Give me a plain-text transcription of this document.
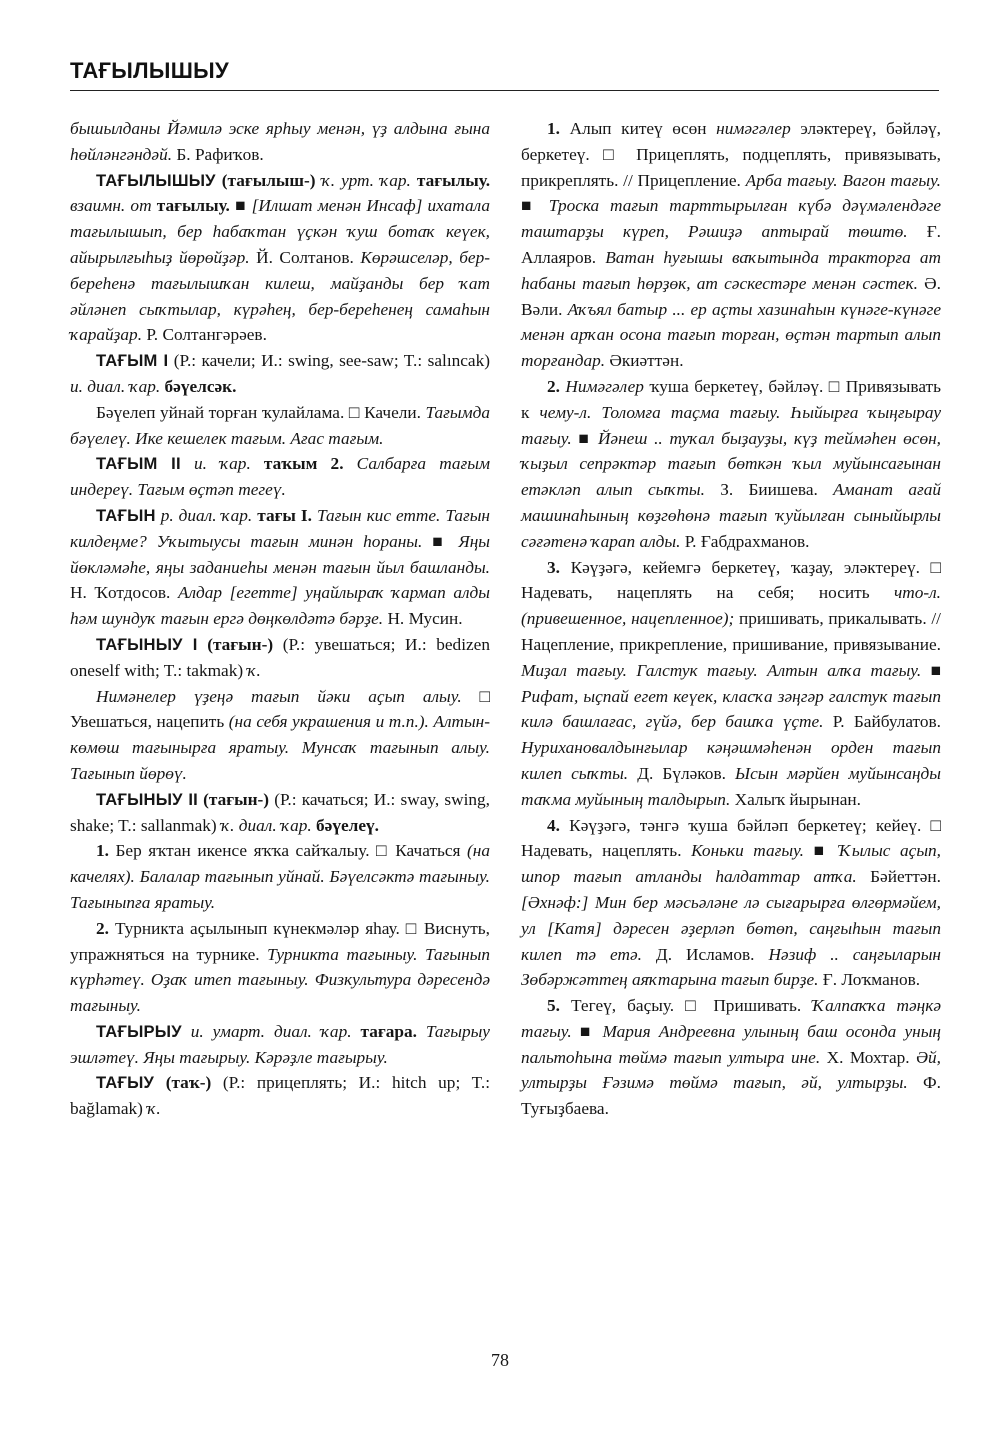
ТАҒЫЛЫШЫУ

бышылданы Йәмилә эске ярһыу менән, үҙ алдына ғына һөйләнгәндәй. Б. Рафиҡов.

ТАҒЫЛЫШЫУ (тағылыш-) ҡ. урт. ҡар. тағылыу. взаимн. от тағылыу. ■ [Илшат менән Инсаф] ихатала тағылышып, бер һабаҡтан үҫкән ҡуш ботаҡ кеүек, айырылғыһыҙ йөрөйҙәр. Й. Солтанов. Көрәшселәр, бер-береһенә тағылышҡан килеш, майҙанды бер ҡат әйләнеп сыҡтылар, күрәһең, бер-береһенең самаһын ҡарайҙар. Р. Солтангәрәев.

ТАҒЫМ I (Р.: качели; И.: swing, see-saw; T.: salıncak) и. диал. ҡар. бәүелсәк.

Бәүелеп уйнай торған ҡулайлама. □ Качели. Тағымда бәүелеү. Ике кешелек тағым. Ағас тағым.

ТАҒЫМ II и. ҡар. таҡым 2. Салбарға тағым индереү. Тағым өҫтәп тегеү.

ТАҒЫН р. диал. ҡар. тағы I. Тағын кис етте. Тағын килдеңме? Уҡытыусы тағын минән һораны. ■ Яңы йөкләмәһе, яңы заданиеһы менән тағын йыл башланды. Н. Ҡотдосов. Алдар [егетте] уңайлыраҡ ҡармап алды һәм шундуҡ тағын ергә дөңкөлдәтә бәрҙе. Н. Мусин.

ТАҒЫНЫУ I (тағын-) (Р.: увешаться; И.: bedizen oneself with; T.: takmak) ҡ.

Нимәнелер үҙеңә тағып йәки аҫып алыу. □ Увешаться, нацепить (на себя украшения и т.п.). Алтын-көмөш тағынырға яратыу. Мунсаҡ тағынып алыу. Тағынып йөрөү.

ТАҒЫНЫУ II (тағын-) (Р.: качаться; И.: sway, swing, shake; T.: sallanmak) ҡ. диал. ҡар. бәүелеү.

1. Бер яҡтан икенсе яҡҡа сайҡалыу. □ Качаться (на качелях). Балалар тағынып уйнай. Бәүелсәктә тағыныу. Тағыныпға яратыу.

2. Турникта аҫылынып күнекмәләр яһау. □ Виснуть, упражняться на турнике. Турникта тағыныу. Тағынып күрһәтеү. Оҙаҡ итеп тағыныу. Физкультура дәресендә тағыныу.

ТАҒЫРЫУ и. умарт. диал. ҡар. тағара. Тағырыу эшләтеү. Яңы тағырыу. Кәрәҙле тағырыу.

ТАҒЫУ (таҡ-) (Р.: прицеплять; И.: hitch up; T.: bağlamak) ҡ.

1. Алып китеү өсөн нимәгәлер эләктереү, бәйләү, беркетеү. □ Прицеплять, подцеплять, привязывать, прикреплять. // Прицепление. Арба тағыу. Вагон тағыу. ■ Троска тағып тарттырылған күбә дәүмәлендәге таштарҙы күреп, Рәшиҙә аптырай төштө. Ғ. Аллаяров. Ватан һуғышы ваҡытында тракторға ат һабаны тағып һөрҙөк, ат сәскестәре менән сәстек. Ә. Вәли. Аҡъял батыр ... ер аҫты хазинаһын күнәге-күнәге менән арҡан осона тағып торған, өҫтән тартып алып торғандар. Әкиәттән.

2. Нимәгәлер ҡуша беркетеү, бәйләү. □ Привязывать к чему-л. Толомға таҫма тағыу. Һыйырға ҡыңғырау тағыу. ■ Йәнеш .. туҡал быҙауҙы, күҙ теймәһен өсөн, ҡыҙыл сепрәктәр тағып бөткән ҡыл муйынсағынан етәкләп алып сыҡты. З. Биишева. Аманат ағай машинаһының көҙгөһөнә тағып ҡуйылған сыныйырлы сәғәтенә ҡарап алды. Р. Ғабдрахманов.

3. Кәүҙәгә, кейемгә беркетеү, ҡаҙау, эләктереү. □ Надевать, нацеплять на себя; носить что-л. (привешенное, нацепленное); пришивать, прикалывать. // Нацепление, прикрепление, пришивание, привязывание. Миҙал тағыу. Галстук тағыу. Алтын алҡа тағыу. ■ Рифат, ыҫпай егет кеүек, класҡа зәңгәр галстук тағып килә башлағас, гүйә, бер башҡа үҫте. Р. Байбулатов. Нурихановалдынғылар кәңәшмәһенән орден тағып килеп сыҡты. Д. Бүләков. Ысын мәрйен муйынсаңды таҡма муйының талдырып. Халыҡ йырынан.

4. Кәүҙәгә, тәнгә ҡуша бәйләп беркетеү; кейеү. □ Надевать, нацеплять. Коньки тағыу. ■ Ҡылыс аҫып, шпор тағып атланды һалдаттар атҡа. Бәйеттән. [Әхнәф:] Мин бер мәсьәләне лә сығарырға өлгөрмәйем, ул [Катя] дәресен әҙерләп бөтөп, саңғыһын тағып килеп тә етә. Д. Исламов. Нәзиф .. саңғыларын Зөбәржәттең аяҡтарына тағып бирҙе. Ғ. Лоҡманов.

5. Тегеү, баҫыу. □ Пришивать. Ҡалпаҡҡа тәңкә тағыу. ■ Мария Андреевна улының баш осонда уның пальтоһына төймә тағып ултыра ине. Х. Мохтар. Әй, ултырҙы Ғәзимә төймә тағып, әй, ултырҙы. Ф. Туғыҙбаева.

78
